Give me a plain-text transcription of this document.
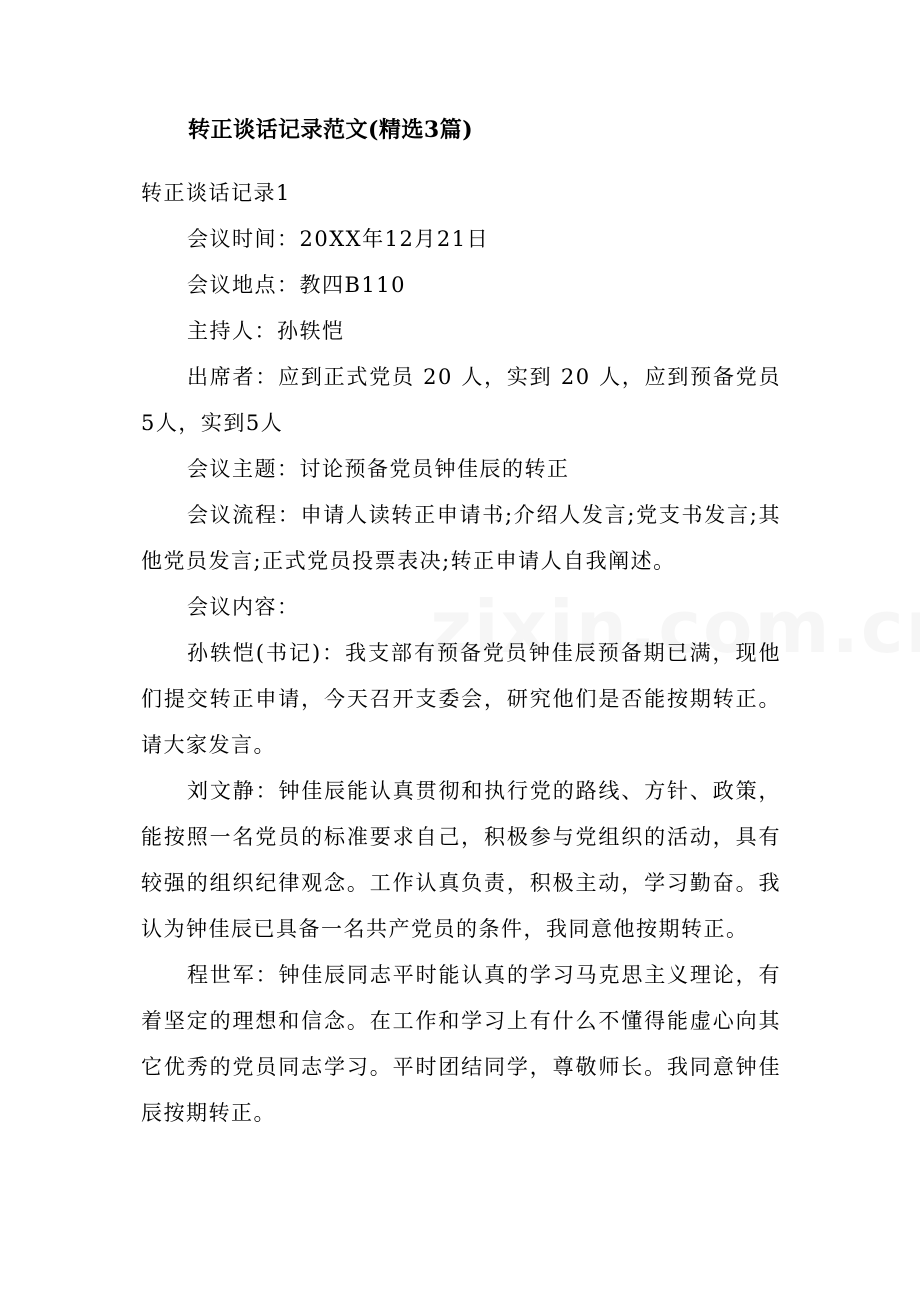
转正谈话记录范文(精选3篇)

转正谈话记录1

会议时间：20XX年12月21日

会议地点：教四B110

主持人：孙轶恺

出席者：应到正式党员 20 人，实到 20 人，应到预备党员5人，实到5人

会议主题：讨论预备党员钟佳辰的转正

会议流程：申请人读转正申请书;介绍人发言;党支书发言;其他党员发言;正式党员投票表决;转正申请人自我阐述。

会议内容：

孙轶恺(书记)：我支部有预备党员钟佳辰预备期已满，现他们提交转正申请，今天召开支委会，研究他们是否能按期转正。请大家发言。

刘文静：钟佳辰能认真贯彻和执行党的路线、方针、政策，能按照一名党员的标准要求自己，积极参与党组织的活动，具有较强的组织纪律观念。工作认真负责，积极主动，学习勤奋。我认为钟佳辰已具备一名共产党员的条件，我同意他按期转正。

程世军：钟佳辰同志平时能认真的学习马克思主义理论，有着坚定的理想和信念。在工作和学习上有什么不懂得能虚心向其它优秀的党员同志学习。平时团结同学，尊敬师长。我同意钟佳辰按期转正。
